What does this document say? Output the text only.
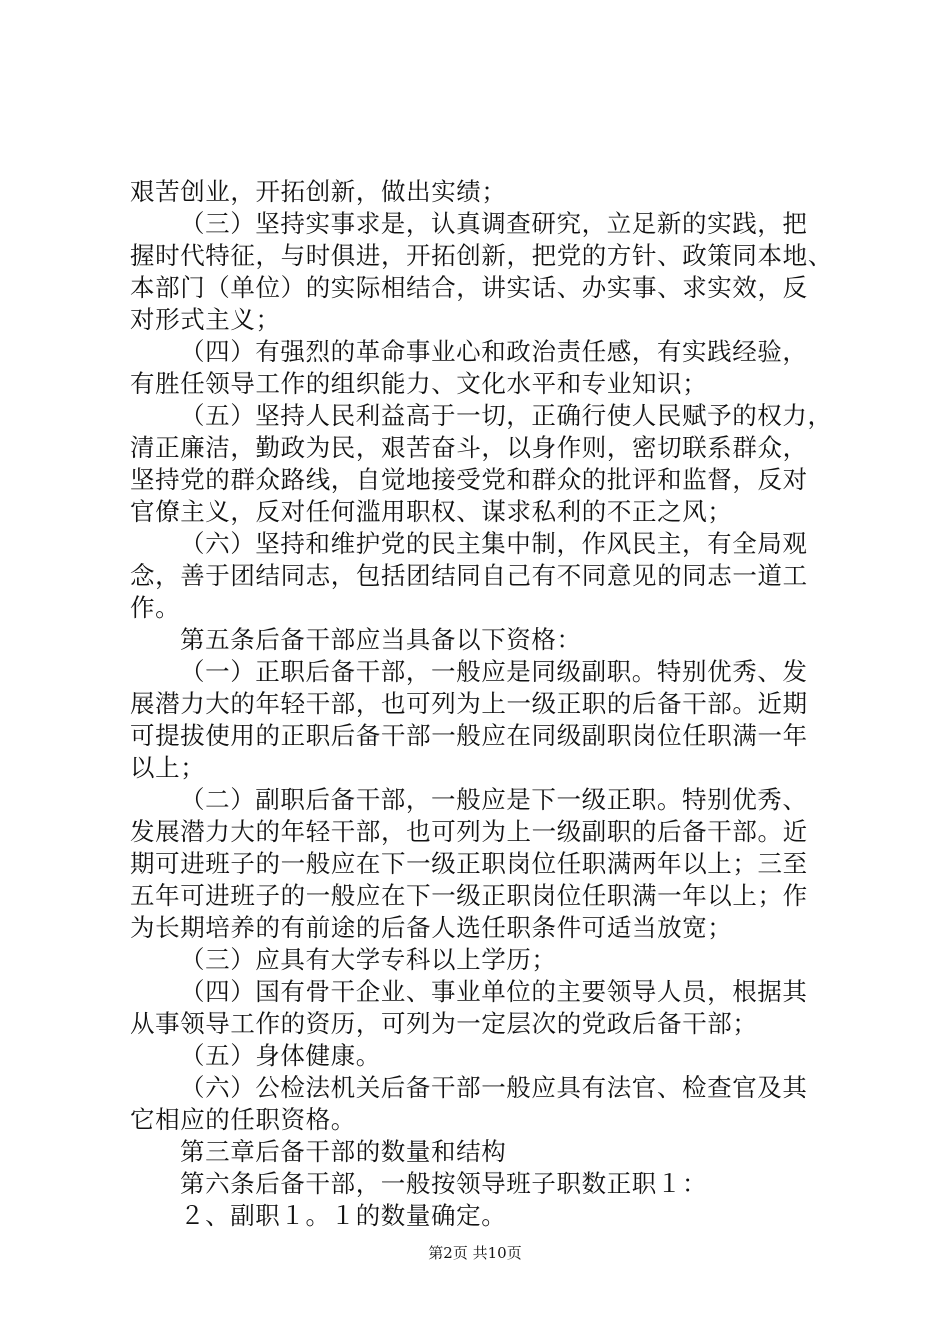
艰苦创业，开拓创新，做出实绩；
（三）坚持实事求是，认真调查研究，立足新的实践，把
握时代特征，与时俱进，开拓创新，把党的方针、政策同本地、
本部门（单位）的实际相结合，讲实话、办实事、求实效，反
对形式主义；
（四）有强烈的革命事业心和政治责任感，有实践经验，
有胜任领导工作的组织能力、文化水平和专业知识；
（五）坚持人民利益高于一切，正确行使人民赋予的权力，
清正廉洁，勤政为民，艰苦奋斗，以身作则，密切联系群众，
坚持党的群众路线，自觉地接受党和群众的批评和监督，反对
官僚主义，反对任何滥用职权、谋求私利的不正之风；
（六）坚持和维护党的民主集中制，作风民主，有全局观
念，善于团结同志，包括团结同自己有不同意见的同志一道工
作。
第五条后备干部应当具备以下资格：
（一）正职后备干部，一般应是同级副职。特别优秀、发
展潜力大的年轻干部，也可列为上一级正职的后备干部。近期
可提拔使用的正职后备干部一般应在同级副职岗位任职满一年
以上；
（二）副职后备干部，一般应是下一级正职。特别优秀、
发展潜力大的年轻干部，也可列为上一级副职的后备干部。近
期可进班子的一般应在下一级正职岗位任职满两年以上；三至
五年可进班子的一般应在下一级正职岗位任职满一年以上；作
为长期培养的有前途的后备人选任职条件可适当放宽；
（三）应具有大学专科以上学历；
（四）国有骨干企业、事业单位的主要领导人员，根据其
从事领导工作的资历，可列为一定层次的党政后备干部；
（五）身体健康。
（六）公检法机关后备干部一般应具有法官、检查官及其
它相应的任职资格。
第三章后备干部的数量和结构
第六条后备干部，一般按领导班子职数正职１：
２、副职１。１的数量确定。
第2页 共10页
